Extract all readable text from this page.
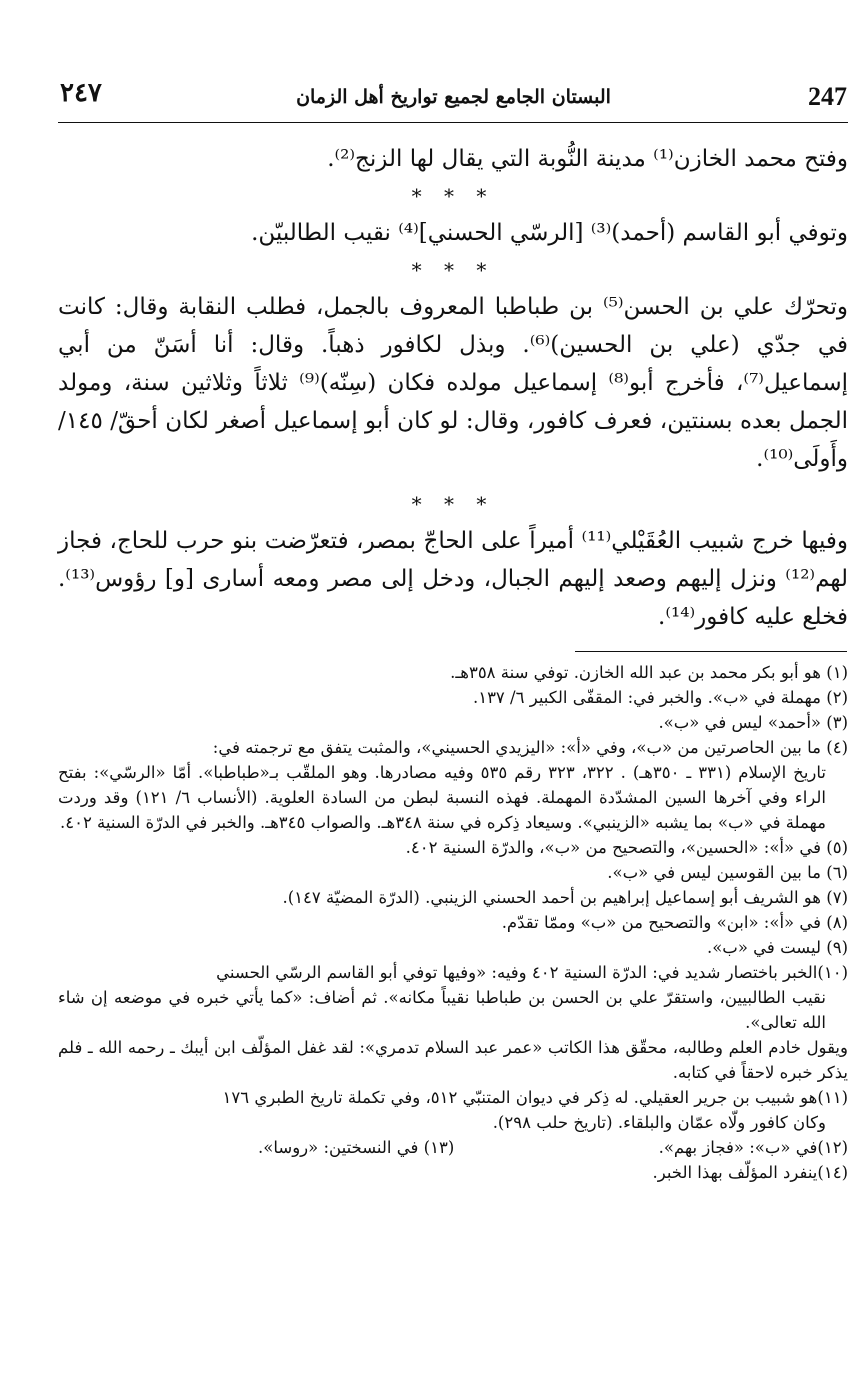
٢٤٧	البستان الجامع لجميع تواريخ أهل الزمان	247

وفتح محمد الخازن⁽¹⁾ مدينة النُّوبة التي يقال لها الزنج⁽²⁾.

* * *

وتوفي أبو القاسم (أحمد)⁽³⁾ [الرسّي الحسني]⁽⁴⁾ نقيب الطالبيّن.

* * *

وتحرّك علي بن الحسن⁽⁵⁾ بن طباطبا المعروف بالجمل، فطلب النقابة وقال: كانت في جدّي (علي بن الحسين)⁽⁶⁾. وبذل لكافور ذهباً. وقال: أنا أسَنّ من أبي إسماعيل⁽⁷⁾، فأخرج أبو⁽⁸⁾ إسماعيل مولده فكان (سِنّه)⁽⁹⁾ ثلاثاً وثلاثين سنة، ومولد الجمل بعده بسنتين، فعرف كافور، وقال: لو كان أبو إسماعيل أصغر لكان أحقّ/ ١٤٥/ وأَولَى⁽¹⁰⁾.

* * *

وفيها خرج شبيب العُقَيْلي⁽¹¹⁾ أميراً على الحاجّ بمصر، فتعرّضت بنو حرب للحاج، فجاز لهم⁽¹²⁾ ونزل إليهم وصعد إليهم الجبال، ودخل إلى مصر ومعه أسارى [و] رؤوس⁽¹³⁾. فخلع عليه كافور⁽¹⁴⁾.

(١) هو أبو بكر محمد بن عبد الله الخازن. توفي سنة ٣٥٨هـ.

(٢) مهملة في «ب». والخبر في: المقفّى الكبير ٦/ ١٣٧.

(٣) «أحمد» ليس في «ب».

(٤) ما بين الحاصرتين من «ب»، وفي «أ»: «اليزيدي الحسيني»، والمثبت يتفق مع ترجمته في:

تاريخ الإسلام (٣٣١ ـ ٣٥٠هـ) . ٣٢٢، ٣٢٣ رقم ٥٣٥ وفيه مصادرها. وهو الملقّب بـ«طباطبا». أمّا «الرسّي»: بفتح الراء وفي آخرها السين المشدّدة المهملة. فهذه النسبة لبطن من السادة العلوية. (الأنساب ٦/ ١٢١) وقد وردت مهملة في «ب» بما يشبه «الزينبي». وسيعاد ذِكره في سنة ٣٤٨هـ. والصواب ٣٤٥هـ. والخبر في الدرّة السنية ٤٠٢.

(٥) في «أ»: «الحسين»، والتصحيح من «ب»، والدرّة السنية ٤٠٢.

(٦) ما بين القوسين ليس في «ب».

(٧) هو الشريف أبو إسماعيل إبراهيم بن أحمد الحسني الزينبي. (الدرّة المضيّة ١٤٧).

(٨) في «أ»: «ابن» والتصحيح من «ب» وممّا تقدّم.

(٩) ليست في «ب».

(١٠)الخبر باختصار شديد في: الدرّة السنية ٤٠٢ وفيه: «وفيها توفي أبو القاسم الرسّي الحسني

نقيب الطالبيين، واستقرّ علي بن الحسن بن طباطبا نقيباً مكانه». ثم أضاف: «كما يأتي خبره في موضعه إن شاء الله تعالى».

ويقول خادم العلم وطالبه، محقّق هذا الكاتب «عمر عبد السلام تدمري»: لقد غفل المؤلّف ابن أيبك ـ رحمه الله ـ فلم يذكر خبره لاحقاً في كتابه.

(١١)هو شبيب بن جرير العقيلي. له ذِكر في ديوان المتنبّي ٥١٢، وفي تكملة تاريخ الطبري ١٧٦

وكان كافور ولّاه عمّان والبلقاء. (تاريخ حلب ٢٩٨).

(١٢)في «ب»: «فجاز بهم».
(١٣) في النسختين: «روسا».

(١٤)ينفرد المؤلّف بهذا الخبر.
